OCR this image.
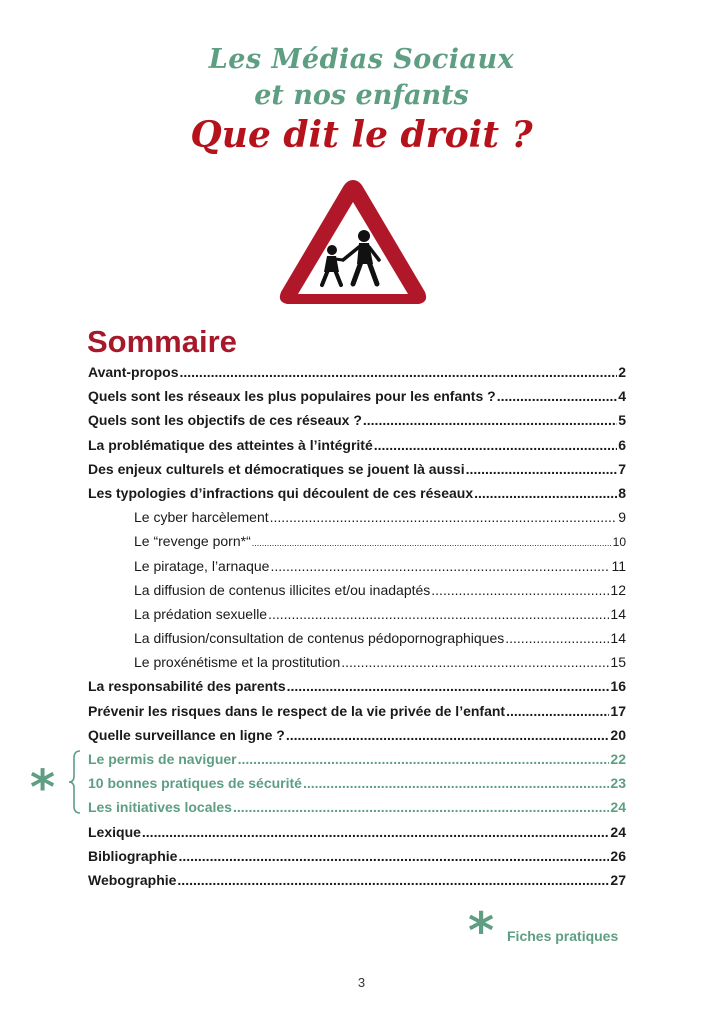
Les Médias Sociaux
et nos enfants
Que dit le droit ?
Sommaire
Avant-propos .....	2
Quels sont les réseaux les plus populaires pour les enfants ? .....	4
Quels sont les objectifs de ces réseaux ? .....	5
La problématique des atteintes à l’intégrité .....	6
Des enjeux culturels et démocratiques se jouent là aussi .....	7
Les typologies d’infractions qui découlent de ces réseaux .....	8
Le cyber harcèlement .....	9
Le “revenge porn*“ .....	10
Le piratage, l’arnaque .....	11
La diffusion de contenus illicites et/ou inadaptés .....	12
La prédation sexuelle .....	14
La diffusion/consultation de contenus pédopornographiques .....	14
Le proxénétisme et la prostitution .....	15
La responsabilité des parents .....	16
Prévenir les risques dans le respect de la vie privée de l’enfant .....	17
Quelle surveillance en ligne ? .....	20
Le permis de naviguer .....	22
10 bonnes pratiques de sécurité .....	23
Les initiatives locales .....	24
Lexique .....	24
Bibliographie .....	26
Webographie .....	27
*
* Fiches pratiques
3
